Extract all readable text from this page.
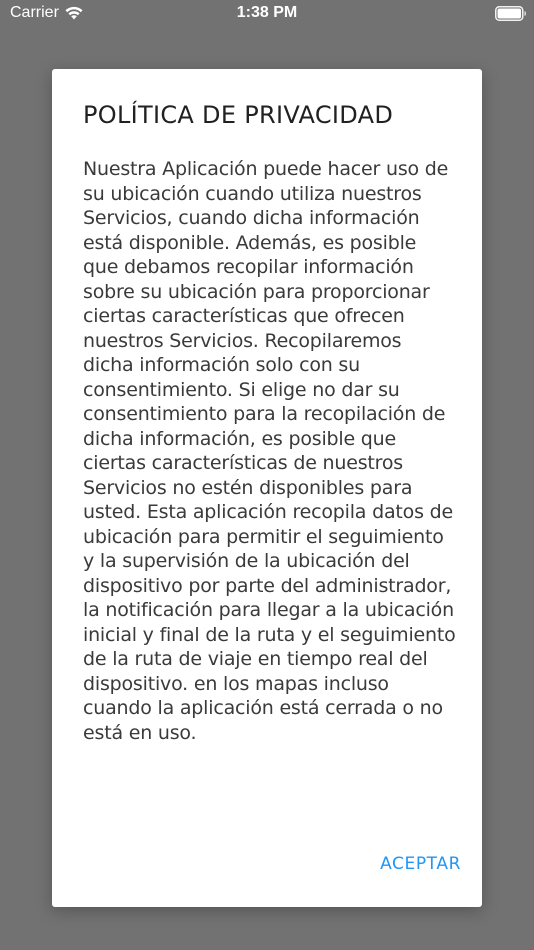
Carrier	1:38 PM
POLÍTICA DE PRIVACIDAD

Nuestra Aplicación puede hacer uso de su ubicación cuando utiliza nuestros Servicios, cuando dicha información está disponible. Además, es posible que debamos recopilar información sobre su ubicación para proporcionar ciertas características que ofrecen nuestros Servicios. Recopilaremos dicha información solo con su consentimiento. Si elige no dar su consentimiento para la recopilación de dicha información, es posible que ciertas características de nuestros Servicios no estén disponibles para usted. Esta aplicación recopila datos de ubicación para permitir el seguimiento y la supervisión de la ubicación del dispositivo por parte del administrador, la notificación para llegar a la ubicación inicial y final de la ruta y el seguimiento de la ruta de viaje en tiempo real del dispositivo. en los mapas incluso cuando la aplicación está cerrada o no está en uso.

ACEPTAR
